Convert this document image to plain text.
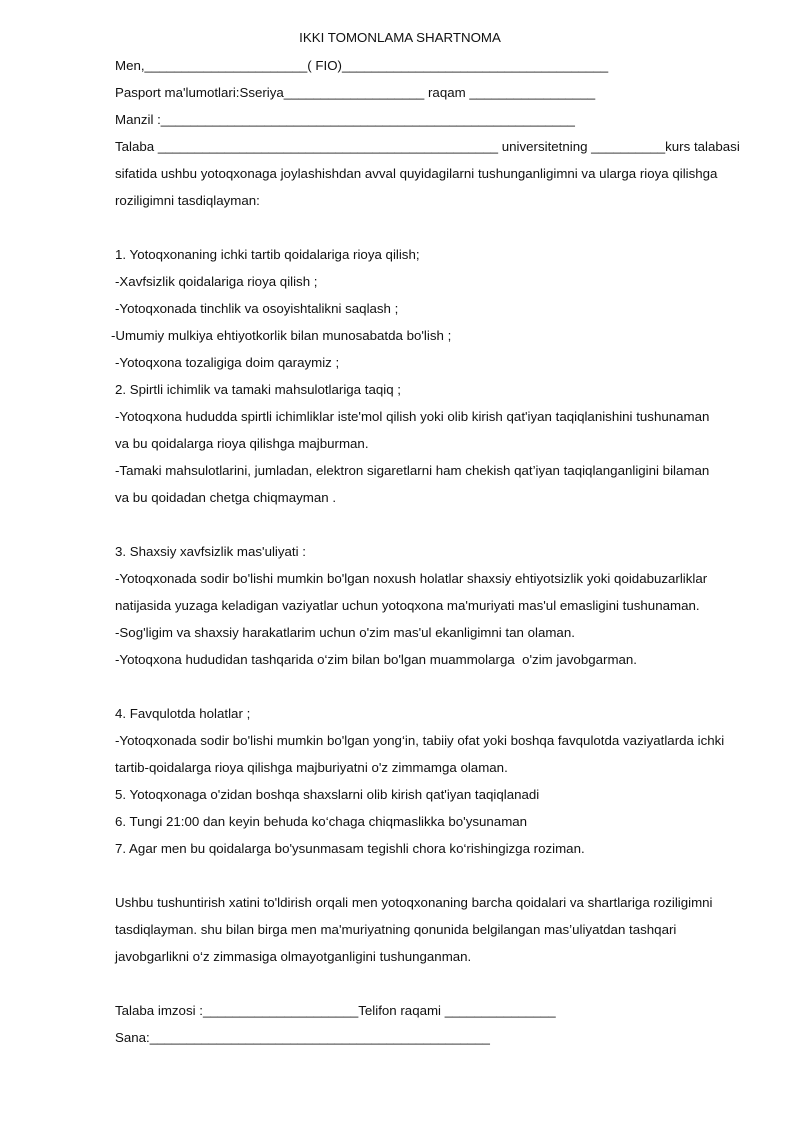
IKKI TOMONLAMA SHARTNOMA
Men,______________________( FIO)____________________________________
Pasport ma'lumotlari:Sseriya___________________ raqam _________________
Manzil :________________________________________________________
Talaba ______________________________________________ universitetning __________kurs talabasi
sifatida ushbu yotoqxonaga joylashishdan avval quyidagilarni tushunganligimni va ularga rioya qilishga
roziligimni tasdiqlayman:
1. Yotoqxonaning ichki tartib qoidalariga rioya qilish;
-Xavfsizlik qoidalariga rioya qilish ;
-Yotoqxonada tinchlik va osoyishtalikni saqlash ;
-Umumiy mulkiya ehtiyotkorlik bilan munosabatda bo'lish ;
-Yotoqxona tozaligiga doim qaraymiz ;
2. Spirtli ichimlik va tamaki mahsulotlariga taqiq ;
-Yotoqxona hududda spirtli ichimliklar iste'mol qilish yoki olib kirish qat'iyan taqiqlanishini tushunaman
va bu qoidalarga rioya qilishga majburman.
-Tamaki mahsulotlarini, jumladan, elektron sigaretlarni ham chekish qat’iyan taqiqlanganligini bilaman
va bu qoidadan chetga chiqmayman .
3. Shaxsiy xavfsizlik mas'uliyati :
-Yotoqxonada sodir bo'lishi mumkin bo'lgan noxush holatlar shaxsiy ehtiyotsizlik yoki qoidabuzarliklar
natijasida yuzaga keladigan vaziyatlar uchun yotoqxona ma'muriyati mas'ul emasligini tushunaman.
-Sog'ligim va shaxsiy harakatlarim uchun o'zim mas'ul ekanligimni tan olaman.
-Yotoqxona hududidan tashqarida o‘zim bilan bo'lgan muammolarga  o'zim javobgarman.
4. Favqulotda holatlar ;
-Yotoqxonada sodir bo'lishi mumkin bo'lgan yong‘in, tabiiy ofat yoki boshqa favqulotda vaziyatlarda ichki
tartib-qoidalarga rioya qilishga majburiyatni o'z zimmamga olaman.
5. Yotoqxonaga o'zidan boshqa shaxslarni olib kirish qat'iyan taqiqlanadi
6. Tungi 21:00 dan keyin behuda ko‘chaga chiqmaslikka bo'ysunaman
7. Agar men bu qoidalarga bo'ysunmasam tegishli chora ko‘rishingizga roziman.
Ushbu tushuntirish xatini to'ldirish orqali men yotoqxonaning barcha qoidalari va shartlariga roziligimni
tasdiqlayman. shu bilan birga men ma'muriyatning qonunida belgilangan mas’uliyatdan tashqari
javobgarlikni o‘z zimmasiga olmayotganligini tushunganman.
Talaba imzosi :_____________________Telifon raqami _______________
Sana:______________________________________________
